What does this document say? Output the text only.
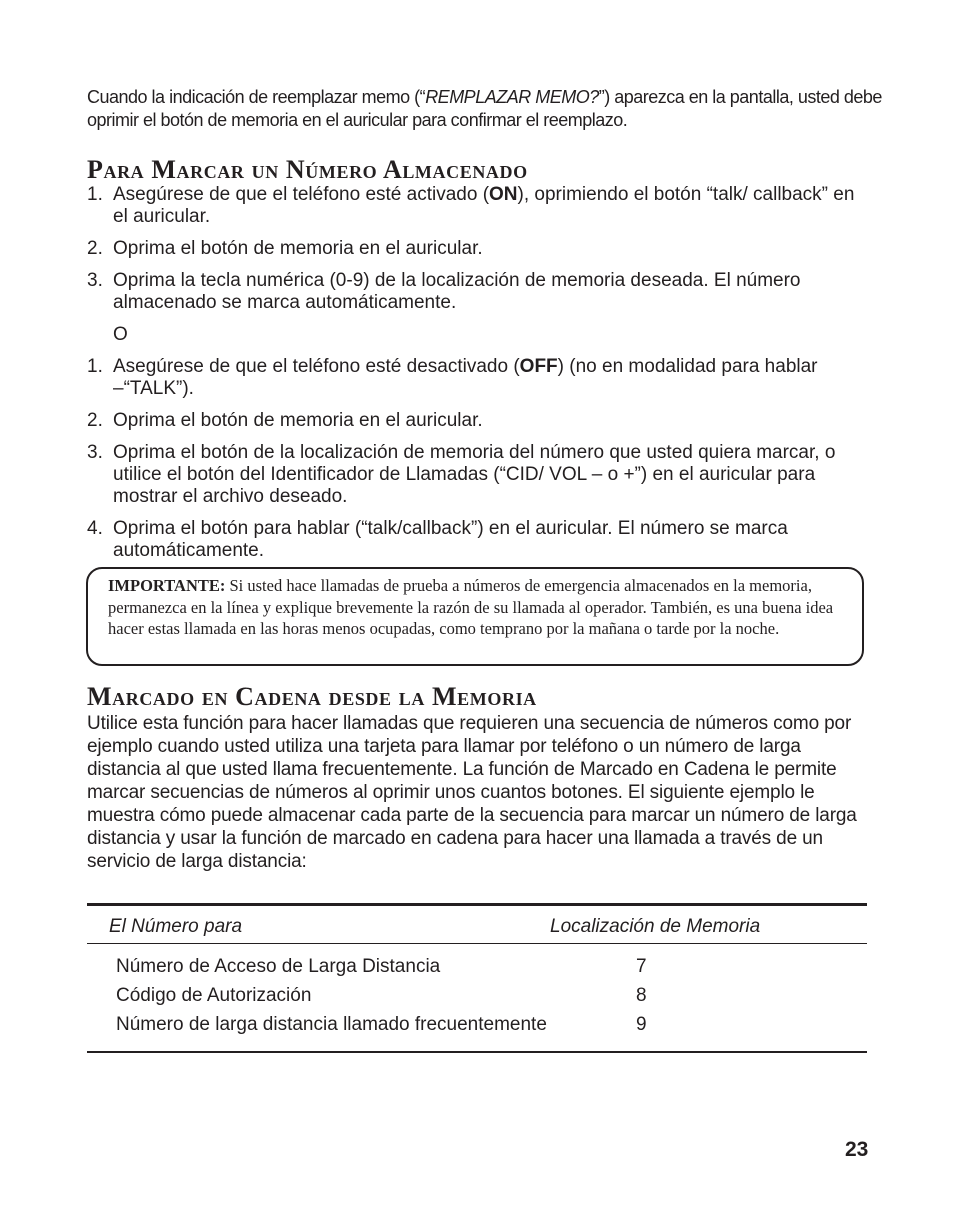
Cuando la indicación de reemplazar memo (“REMPLAZAR MEMO?”) aparezca en la pantalla, usted debe oprimir el botón de memoria en el auricular para confirmar el reemplazo.

Para Marcar un Número Almacenado
1. Asegúrese de que el teléfono esté activado (ON), oprimiendo el botón “talk/ callback” en el auricular.
2. Oprima el botón de memoria en el auricular.
3. Oprima la tecla numérica (0-9) de la localización de memoria deseada. El número almacenado se marca automáticamente.
O
1. Asegúrese de que el teléfono esté desactivado (OFF) (no en modalidad para hablar –“TALK”).
2. Oprima el botón de memoria en el auricular.
3. Oprima el botón de la localización de memoria del número que usted quiera marcar, o utilice el botón del Identificador de Llamadas (“CID/ VOL – o +”) en el auricular para mostrar el archivo deseado.
4. Oprima el botón para hablar (“talk/callback”) en el auricular. El número se marca automáticamente.
IMPORTANTE: Si usted hace llamadas de prueba a números de emergencia almacenados en la memoria, permanezca en la línea y explique brevemente la razón de su llamada al operador. También, es una buena idea hacer estas llamada en las horas menos ocupadas, como temprano por la mañana o tarde por la noche.
Marcado en Cadena desde la Memoria

Utilice esta función para hacer llamadas que requieren una secuencia de números como por ejemplo cuando usted utiliza una tarjeta para llamar por teléfono o un número de larga distancia al que usted llama frecuentemente. La función de Marcado en Cadena le permite marcar secuencias de números al oprimir unos cuantos botones. El siguiente ejemplo le muestra cómo puede almacenar cada parte de la secuencia para marcar un número de larga distancia y usar la función de marcado en cadena para hacer una llamada a través de un servicio de larga distancia:

El Número para	Localización de Memoria
Número de Acceso de Larga Distancia	7
Código de Autorización	8
Número de larga distancia llamado frecuentemente	9
23
